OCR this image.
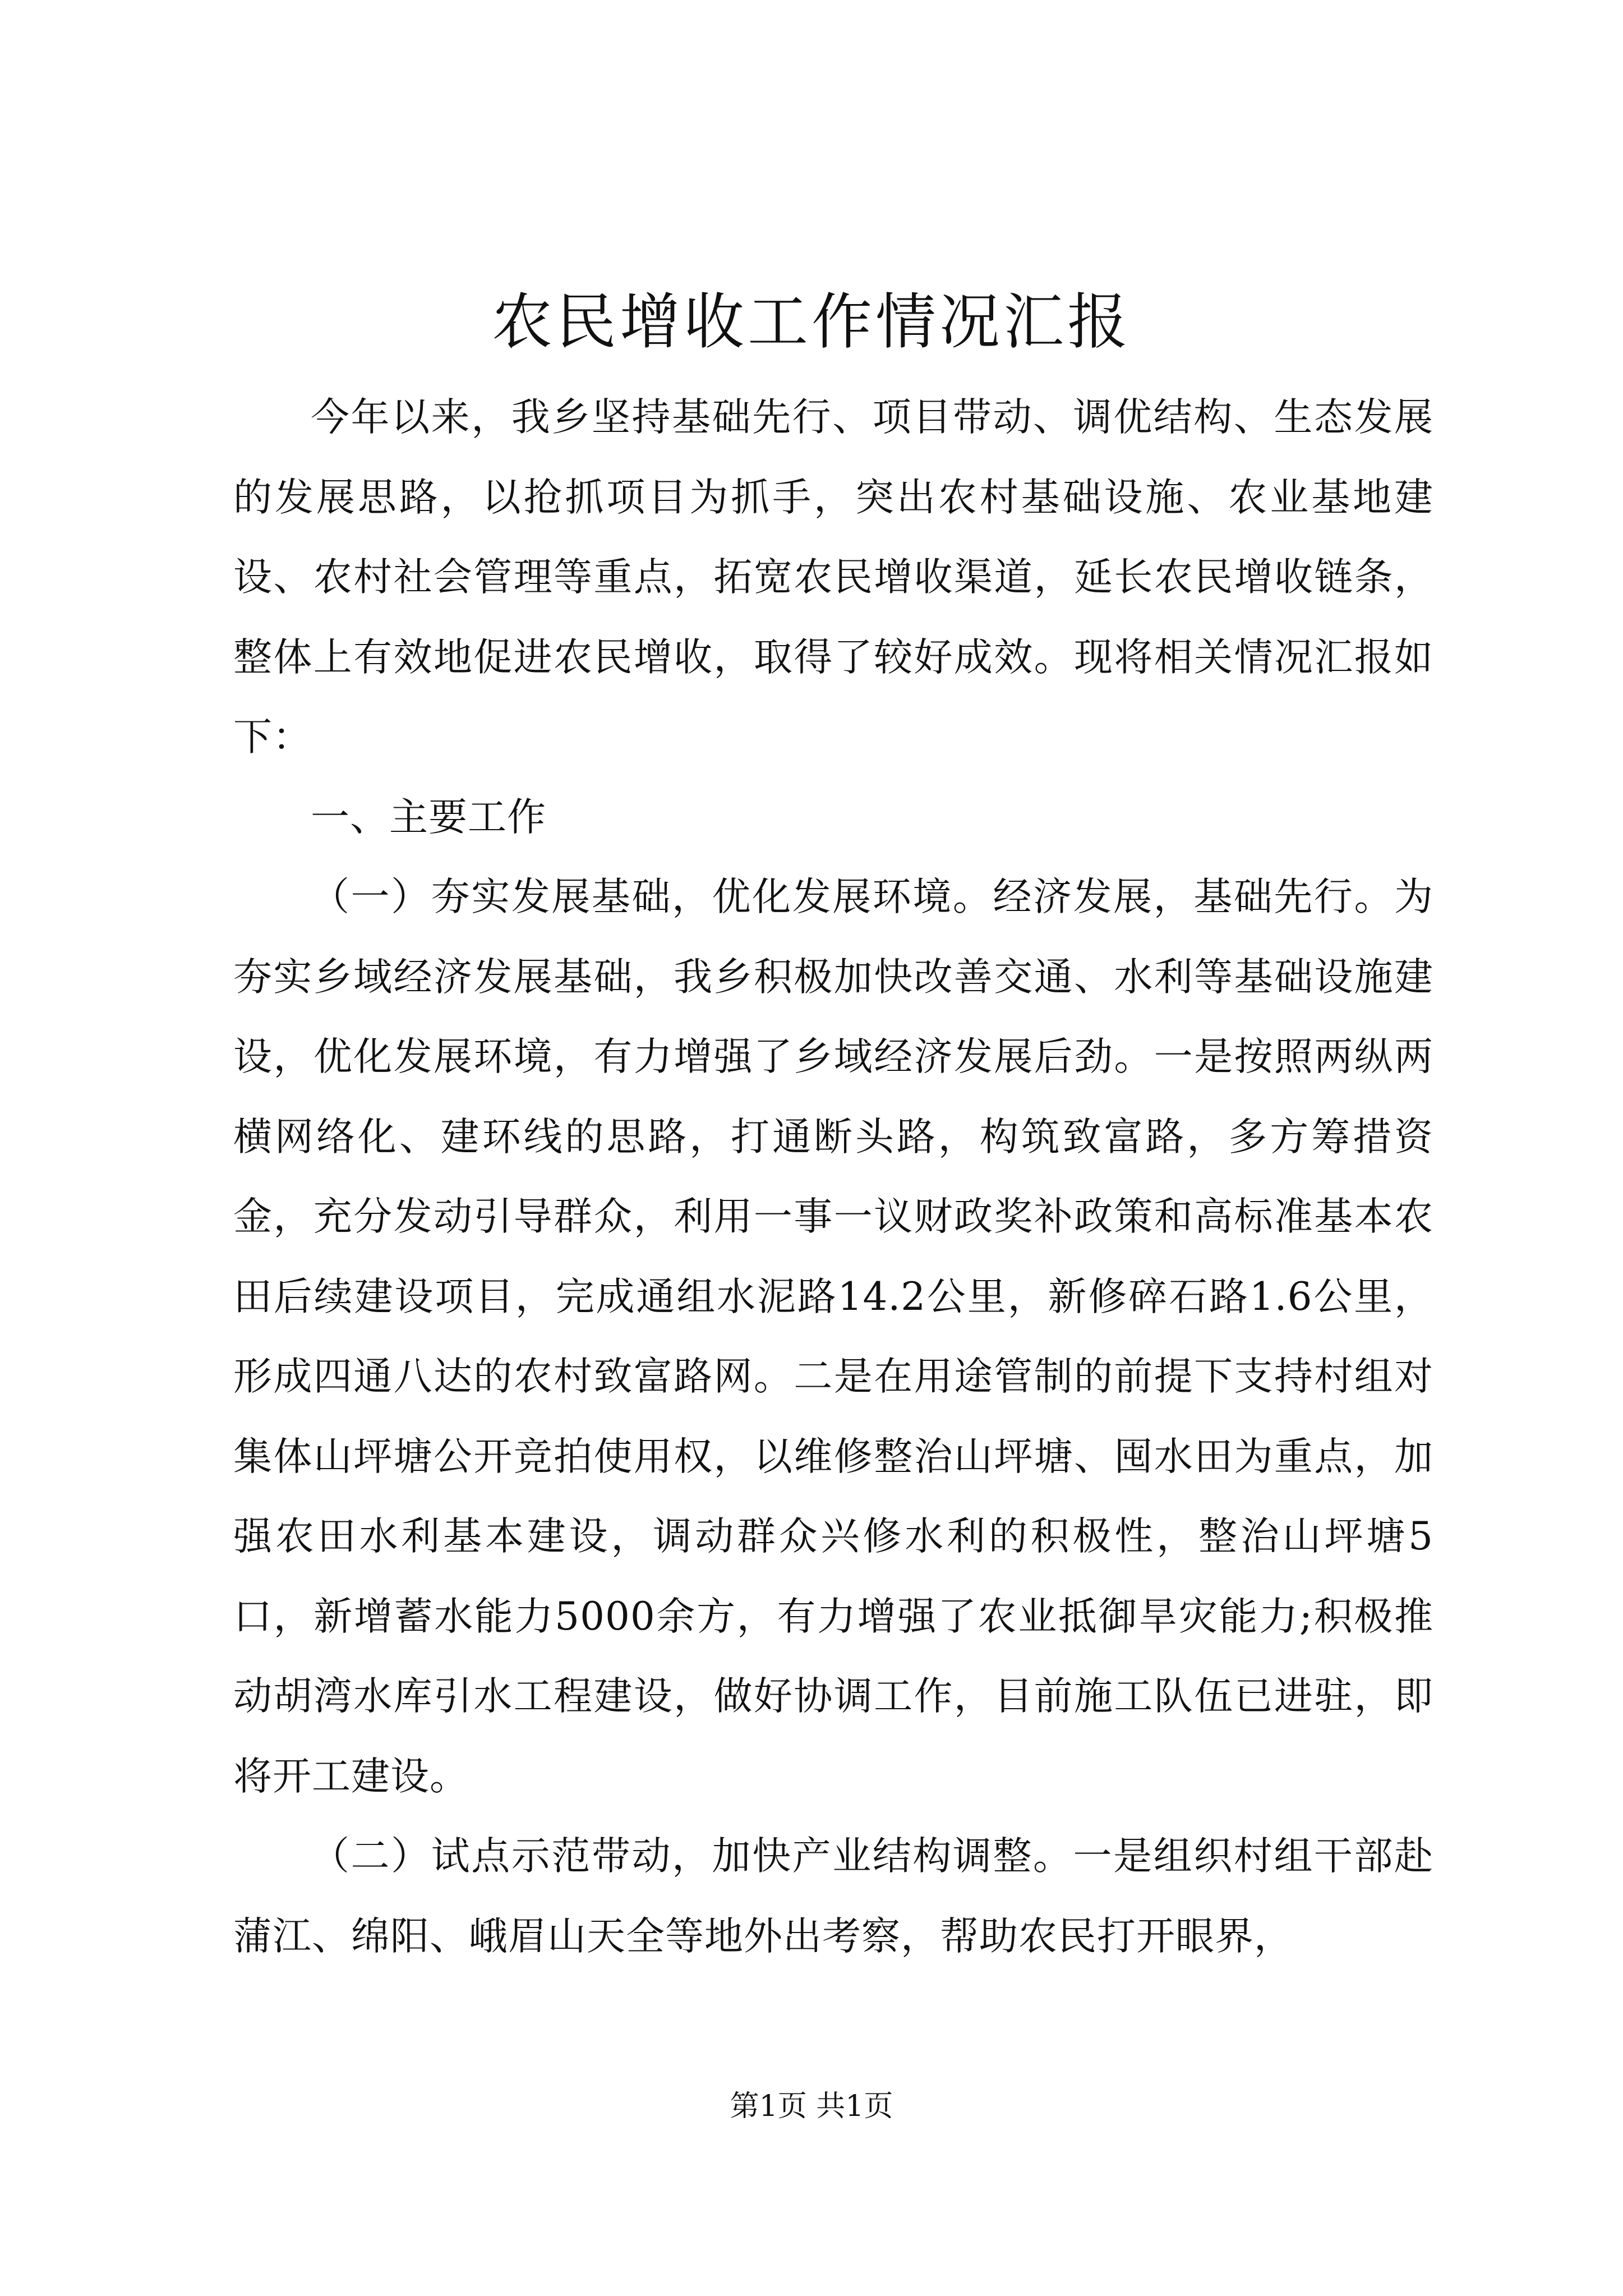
农民增收工作情况汇报

今年以来，我乡坚持基础先行、项目带动、调优结构、生态发展的发展思路，以抢抓项目为抓手，突出农村基础设施、农业基地建设、农村社会管理等重点，拓宽农民增收渠道，延长农民增收链条，整体上有效地促进农民增收，取得了较好成效。现将相关情况汇报如下：

一、主要工作

（一）夯实发展基础，优化发展环境。经济发展，基础先行。为夯实乡域经济发展基础，我乡积极加快改善交通、水利等基础设施建设，优化发展环境，有力增强了乡域经济发展后劲。一是按照两纵两横网络化、建环线的思路，打通断头路，构筑致富路，多方筹措资金，充分发动引导群众，利用一事一议财政奖补政策和高标准基本农田后续建设项目，完成通组水泥路14.2公里，新修碎石路1.6公里，形成四通八达的农村致富路网。二是在用途管制的前提下支持村组对集体山坪塘公开竞拍使用权，以维修整治山坪塘、囤水田为重点，加强农田水利基本建设，调动群众兴修水利的积极性，整治山坪塘5口，新增蓄水能力5000余方，有力增强了农业抵御旱灾能力;积极推动胡湾水库引水工程建设，做好协调工作，目前施工队伍已进驻，即将开工建设。

（二）试点示范带动，加快产业结构调整。一是组织村组干部赴蒲江、绵阳、峨眉山天全等地外出考察，帮助农民打开眼界，

第1页 共1页
